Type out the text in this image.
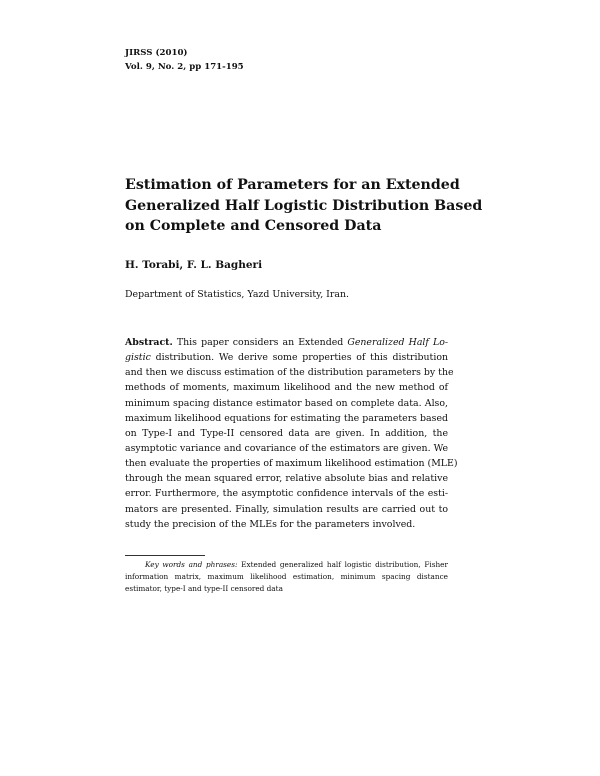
JIRSS (2010)
Vol. 9, No. 2, pp 171-195
Estimation of Parameters for an Extended
Generalized Half Logistic Distribution Based
on Complete and Censored Data
H. Torabi, F. L. Bagheri
Department of Statistics, Yazd University, Iran.
Abstract. This paper considers an Extended Generalized Half Lo-
gistic distribution. We derive some properties of this distribution
and then we discuss estimation of the distribution parameters by the
methods of moments, maximum likelihood and the new method of
minimum spacing distance estimator based on complete data. Also,
maximum likelihood equations for estimating the parameters based
on Type-I and Type-II censored data are given. In addition, the
asymptotic variance and covariance of the estimators are given. We
then evaluate the properties of maximum likelihood estimation (MLE)
through the mean squared error, relative absolute bias and relative
error. Furthermore, the asymptotic confidence intervals of the esti-
mators are presented. Finally, simulation results are carried out to
study the precision of the MLEs for the parameters involved.
Key words and phrases: Extended generalized half logistic distribution, Fisher
information matrix, maximum likelihood estimation, minimum spacing distance
estimator, type-I and type-II censored data
